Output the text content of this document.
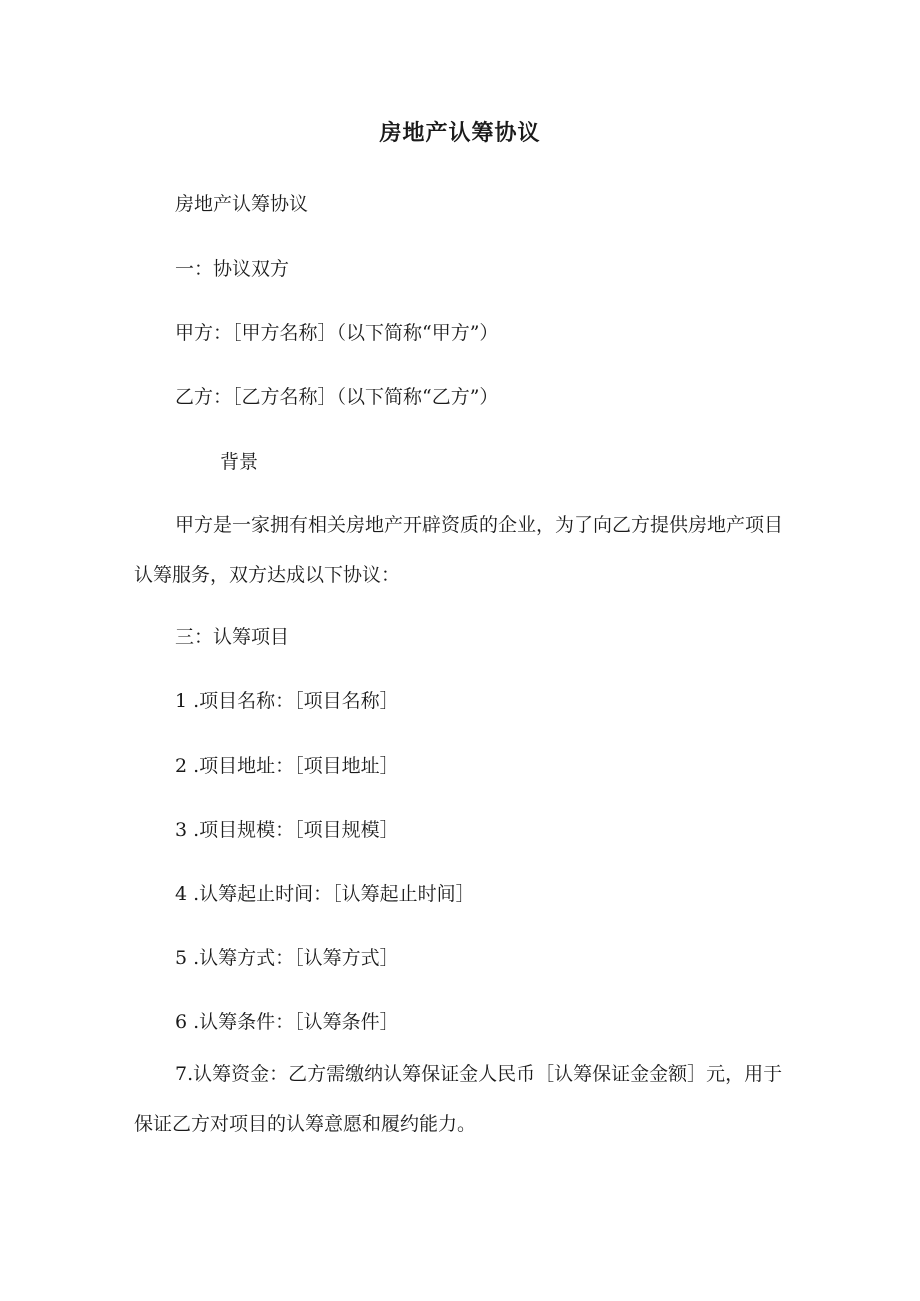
房地产认筹协议

房地产认筹协议

一：协议双方

甲方：［甲方名称］（以下简称“甲方”）

乙方：［乙方名称］（以下简称“乙方”）

背景

甲方是一家拥有相关房地产开辟资质的企业，为了向乙方提供房地产项目认筹服务，双方达成以下协议：

三：认筹项目

1 .项目名称：［项目名称］

2 .项目地址：［项目地址］

3 .项目规模：［项目规模］

4 .认筹起止时间：［认筹起止时间］

5 .认筹方式：［认筹方式］

6 .认筹条件：［认筹条件］

7.认筹资金：乙方需缴纳认筹保证金人民币［认筹保证金金额］元，用于保证乙方对项目的认筹意愿和履约能力。
